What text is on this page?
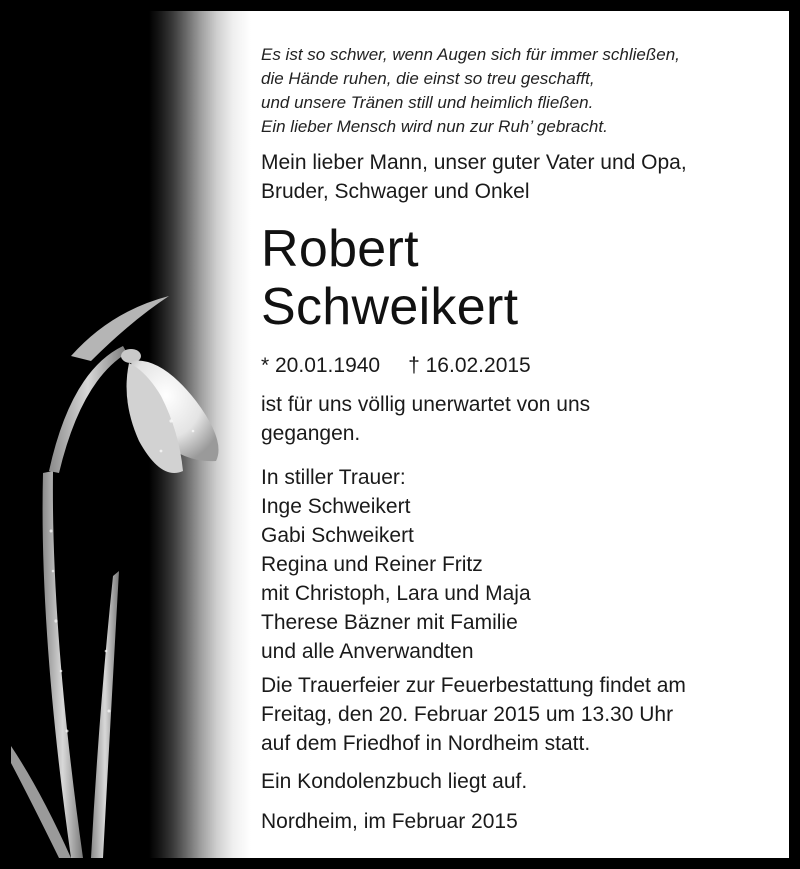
Es ist so schwer, wenn Augen sich für immer schließen,
die Hände ruhen, die einst so treu geschafft,
und unsere Tränen still und heimlich fließen.
Ein lieber Mensch wird nun zur Ruh’ gebracht.
Mein lieber Mann, unser guter Vater und Opa,
Bruder, Schwager und Onkel
Robert
Schweikert
* 20.01.1940 † 16.02.2015
ist für uns völlig unerwartet von uns
gegangen.
In stiller Trauer:
Inge Schweikert
Gabi Schweikert
Regina und Reiner Fritz
mit Christoph, Lara und Maja
Therese Bäzner mit Familie
und alle Anverwandten
Die Trauerfeier zur Feuerbestattung findet am
Freitag, den 20. Februar 2015 um 13.30 Uhr
auf dem Friedhof in Nordheim statt.
Ein Kondolenzbuch liegt auf.
Nordheim, im Februar 2015
